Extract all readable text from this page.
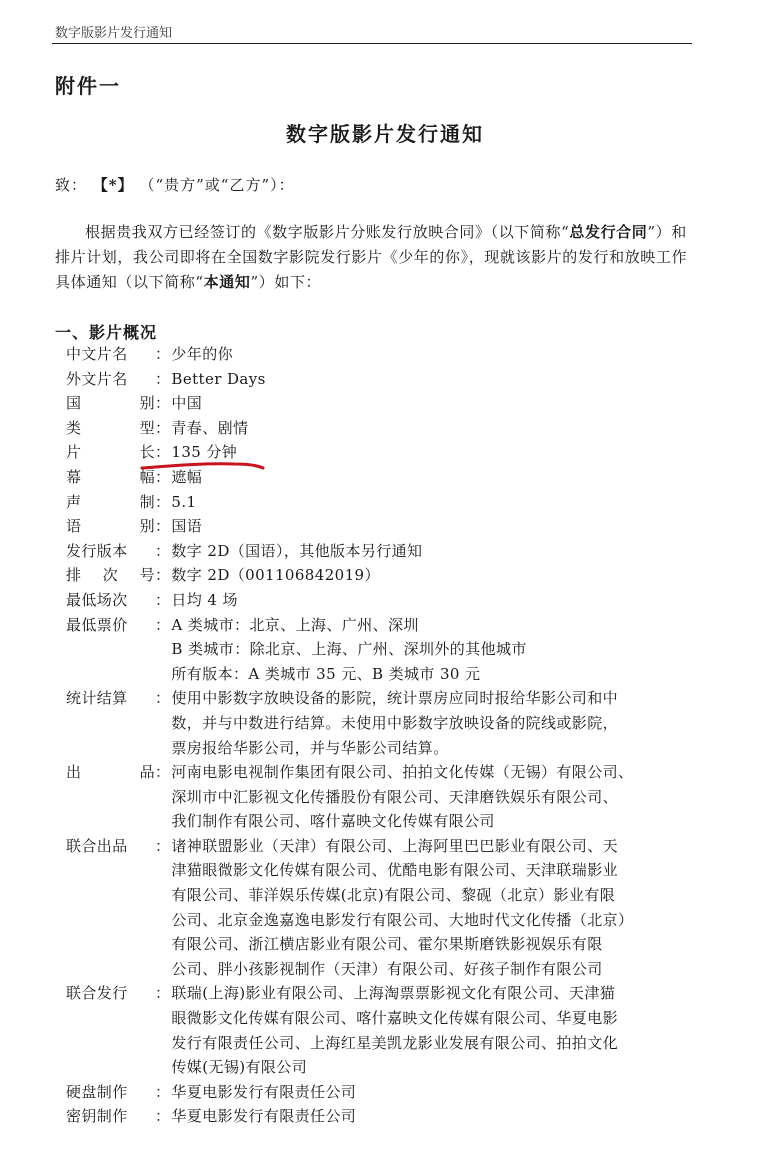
数字版影片发行通知
附件一
数字版影片发行通知
致： 【*】 （“贵方”或“乙方”）：

根据贵我双方已经签订的《数字版影片分账发行放映合同》（以下简称“总发行合同”）和排片计划，我公司即将在全国数字影院发行影片《少年的你》，现就该影片的发行和放映工作具体通知（以下简称“本通知”）如下：

一、影片概况
中文片名	： 少年的你
外文片名	： Better Days
国	别 ： 中国
类	型 ： 青春、剧情
片	长 ： 135 分钟
幕	幅 ： 遮幅
声	制 ： 5.1
语	别 ： 国语
发行版本	： 数字 2D（国语），其他版本另行通知
排 次 号 ： 数字 2D（001106842019）
最低场次	： 日均 4 场
最低票价	： A 类城市：北京、上海、广州、深圳
B 类城市：除北京、上海、广州、深圳外的其他城市
所有版本：A 类城市 35 元、B 类城市 30 元
统计结算	： 使用中影数字放映设备的影院，统计票房应同时报给华影公司和中
数，并与中数进行结算。未使用中影数字放映设备的院线或影院，
票房报给华影公司，并与华影公司结算。
出	品 ： 河南电影电视制作集团有限公司、拍拍文化传媒（无锡）有限公司、
深圳市中汇影视文化传播股份有限公司、天津磨铁娱乐有限公司、
我们制作有限公司、喀什嘉映文化传媒有限公司
联合出品	： 诸神联盟影业（天津）有限公司、上海阿里巴巴影业有限公司、天
津猫眼微影文化传媒有限公司、优酷电影有限公司、天津联瑞影业
有限公司、菲洋娱乐传媒(北京)有限公司、黎砚（北京）影业有限
公司、北京金逸嘉逸电影发行有限公司、大地时代文化传播（北京）
有限公司、浙江横店影业有限公司、霍尔果斯磨铁影视娱乐有限
公司、胖小孩影视制作（天津）有限公司、好孩子制作有限公司
联合发行	： 联瑞(上海)影业有限公司、上海淘票票影视文化有限公司、天津猫
眼微影文化传媒有限公司、喀什嘉映文化传媒有限公司、华夏电影
发行有限责任公司、上海红星美凯龙影业发展有限公司、拍拍文化
传媒(无锡)有限公司
硬盘制作	： 华夏电影发行有限责任公司
密钥制作	： 华夏电影发行有限责任公司
